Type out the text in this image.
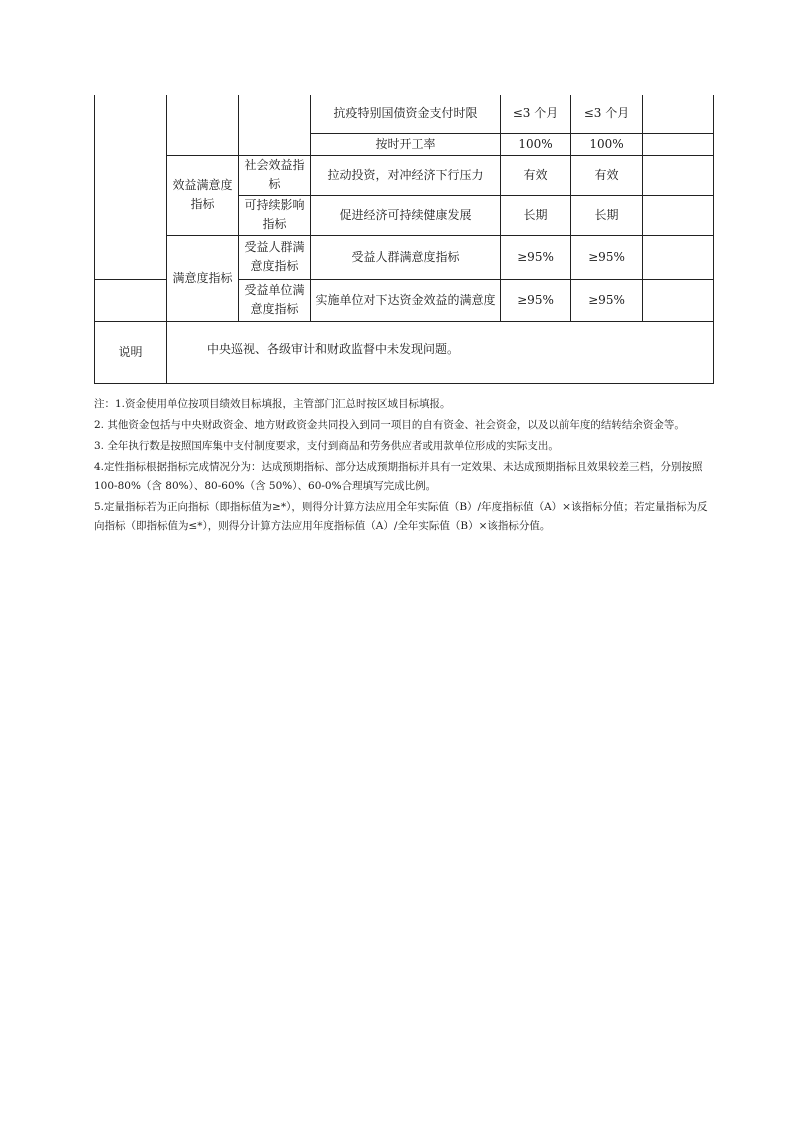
			抗疫特别国债资金支付时限	≤3 个月	≤3 个月	
			按时开工率	100%	100%	
	效益满意度指标	社会效益指标	拉动投资，对冲经济下行压力	有效	有效	
		可持续影响指标	促进经济可持续健康发展	长期	长期	
	满意度指标	受益人群满意度指标	受益人群满意度指标	≥95%	≥95%	
		受益单位满意度指标	实施单位对下达资金效益的满意度	≥95%	≥95%	
说明	中央巡视、各级审计和财政监督中未发现问题。					

注：1.资金使用单位按项目绩效目标填报，主管部门汇总时按区域目标填报。

2. 其他资金包括与中央财政资金、地方财政资金共同投入到同一项目的自有资金、社会资金，以及以前年度的结转结余资金等。

3. 全年执行数是按照国库集中支付制度要求，支付到商品和劳务供应者或用款单位形成的实际支出。

4.定性指标根据指标完成情况分为：达成预期指标、部分达成预期指标并具有一定效果、未达成预期指标且效果较差三档，分别按照 100-80%（含 80%）、80-60%（含 50%）、60-0%合理填写完成比例。

5.定量指标若为正向指标（即指标值为≥*），则得分计算方法应用全年实际值（B）/年度指标值（A）×该指标分值；若定量指标为反向指标（即指标值为≤*），则得分计算方法应用年度指标值（A）/全年实际值（B）×该指标分值。
